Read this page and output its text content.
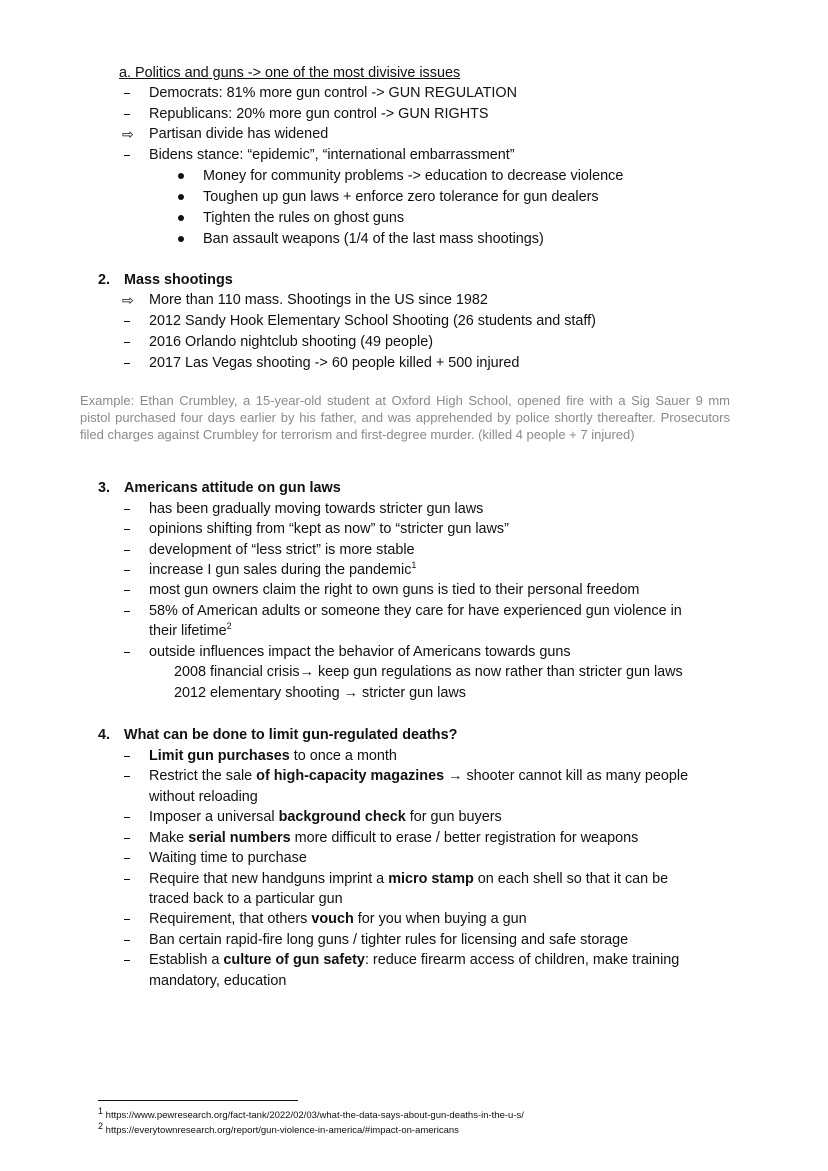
a. Politics and guns -> one of the most divisive issues
Democrats: 81% more gun control -> GUN REGULATION
Republicans: 20% more gun control -> GUN RIGHTS
⇨ Partisan divide has widened
Bidens stance: “epidemic”, “international embarrassment”
Money for community problems -> education to decrease violence
Toughen up gun laws + enforce zero tolerance for gun dealers
Tighten the rules on ghost guns
Ban assault weapons (1/4 of the last mass shootings)
2. Mass shootings
⇨ More than 110 mass. Shootings in the US since 1982
2012 Sandy Hook Elementary School Shooting (26 students and staff)
2016 Orlando nightclub shooting (49 people)
2017 Las Vegas shooting -> 60 people killed + 500 injured
Example: Ethan Crumbley, a 15-year-old student at Oxford High School, opened fire with a Sig Sauer 9 mm pistol purchased four days earlier by his father, and was apprehended by police shortly thereafter. Prosecutors filed charges against Crumbley for terrorism and first-degree murder. (killed 4 people + 7 injured)
3. Americans attitude on gun laws
has been gradually moving towards stricter gun laws
opinions shifting from “kept as now” to “stricter gun laws”
development of “less strict” is more stable
increase I gun sales during the pandemic$^1$
most gun owners claim the right to own guns is tied to their personal freedom
58% of American adults or someone they care for have experienced gun violence in
their lifetime$^2$
outside influences impact the behavior of Americans towards guns
2008 financial crisis→ keep gun regulations as now rather than stricter gun laws
2012 elementary shooting → stricter gun laws
4. What can be done to limit gun-regulated deaths?
Limit gun purchases to once a month
Restrict the sale of high-capacity magazines → shooter cannot kill as many people
without reloading
Imposer a universal background check for gun buyers
Make serial numbers more difficult to erase / better registration for weapons
Waiting time to purchase
Require that new handguns imprint a micro stamp on each shell so that it can be
traced back to a particular gun
Requirement, that others vouch for you when buying a gun
Ban certain rapid-fire long guns / tighter rules for licensing and safe storage
Establish a culture of gun safety: reduce firearm access of children, make training
mandatory, education
$^1$ https://www.pewresearch.org/fact-tank/2022/02/03/what-the-data-says-about-gun-deaths-in-the-u-s/
$^2$ https://everytownresearch.org/report/gun-violence-in-america/#impact-on-americans
